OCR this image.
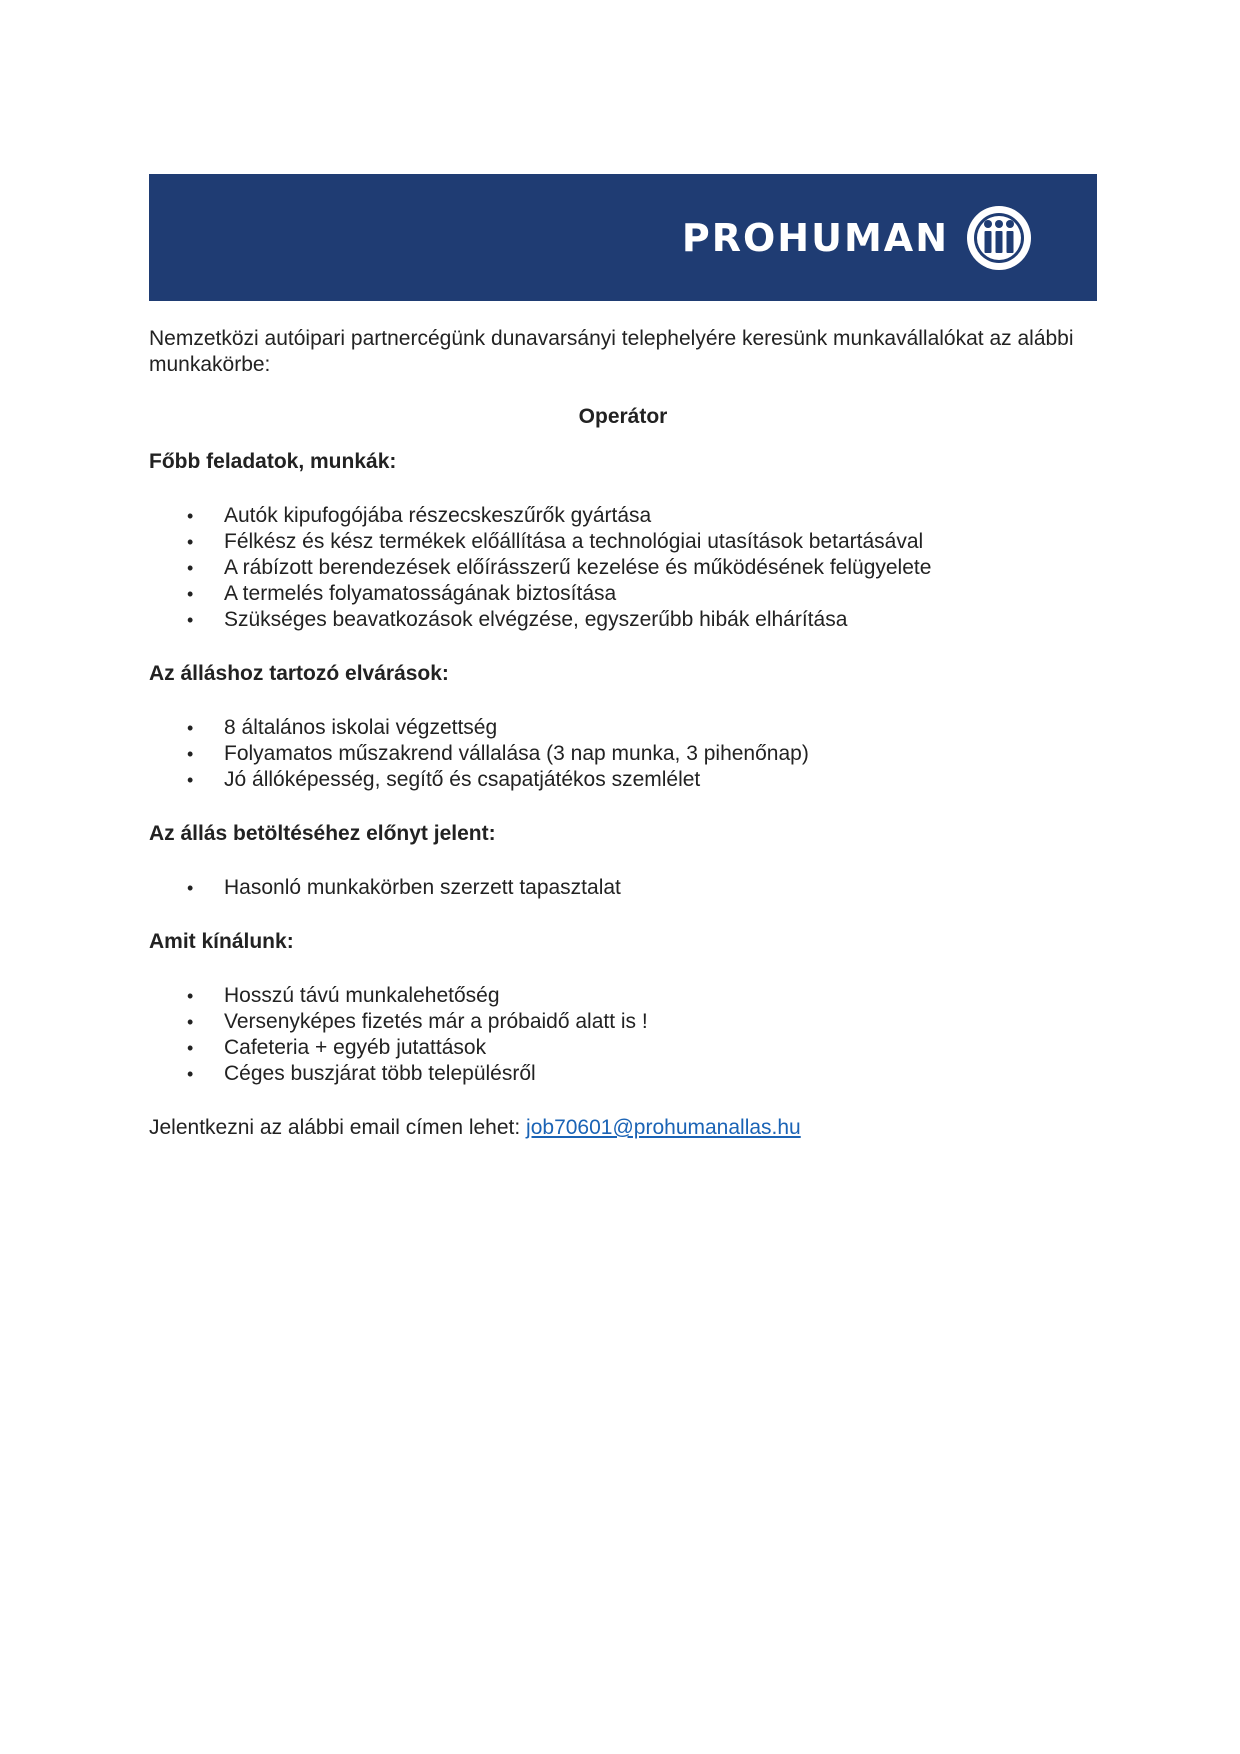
PROHUMAN

Nemzetközi autóipari partnercégünk dunavarsányi telephelyére keresünk munkavállalókat az alábbi munkakörbe:

Operátor
Főbb feladatok, munkák:
• Autók kipufogójába részecskeszűrők gyártása
• Félkész és kész termékek előállítása a technológiai utasítások betartásával
• A rábízott berendezések előírásszerű kezelése és működésének felügyelete
• A termelés folyamatosságának biztosítása
• Szükséges beavatkozások elvégzése, egyszerűbb hibák elhárítása
Az álláshoz tartozó elvárások:
• 8 általános iskolai végzettség
• Folyamatos műszakrend vállalása (3 nap munka, 3 pihenőnap)
• Jó állóképesség, segítő és csapatjátékos szemlélet
Az állás betöltéséhez előnyt jelent:
• Hasonló munkakörben szerzett tapasztalat
Amit kínálunk:
• Hosszú távú munkalehetőség
• Versenyképes fizetés már a próbaidő alatt is !
• Cafeteria + egyéb jutattások
• Céges buszjárat több településről
Jelentkezni az alábbi email címen lehet: job70601@prohumanallas.hu
